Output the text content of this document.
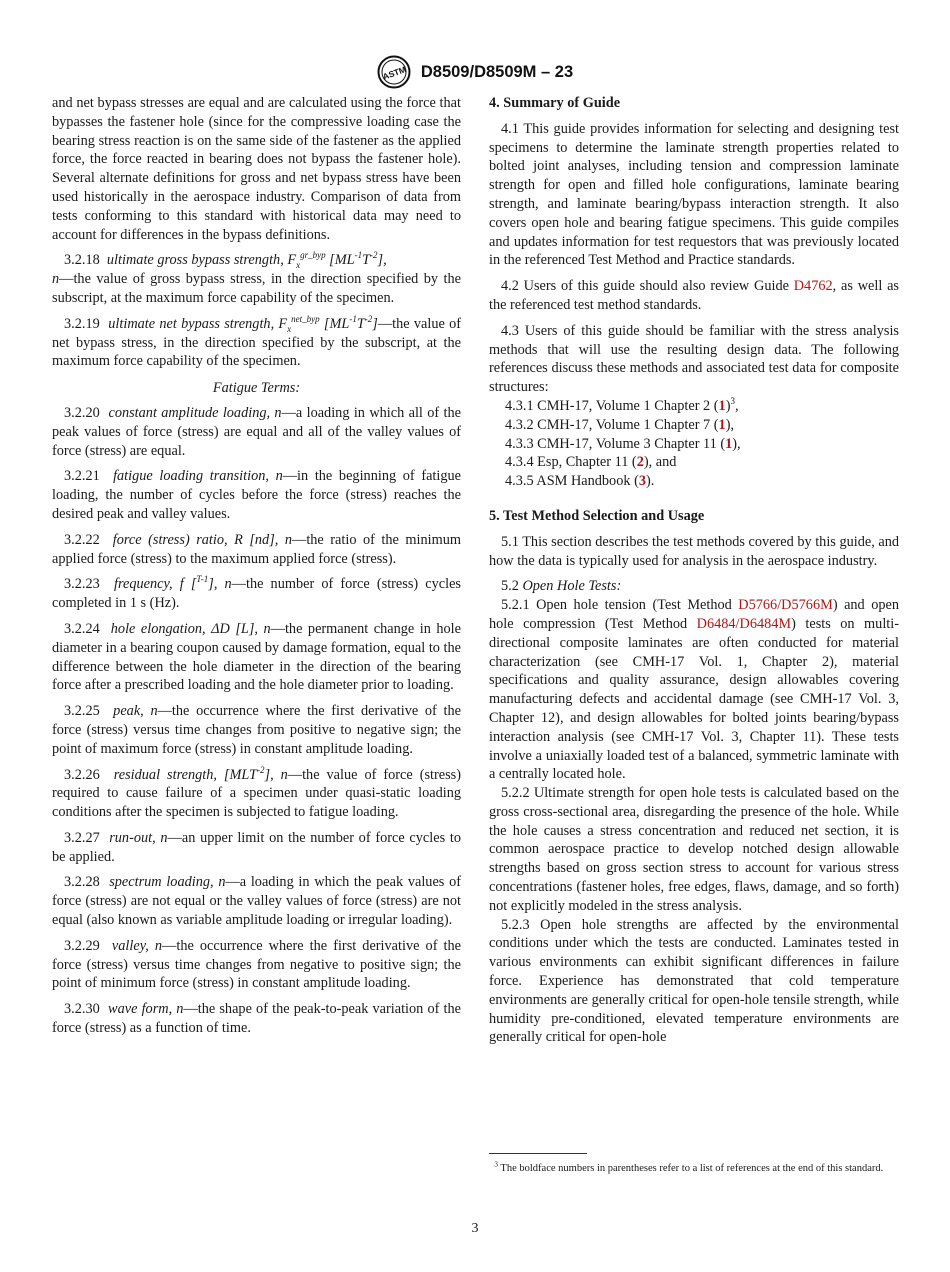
ASTM D8509/D8509M – 23

and net bypass stresses are equal and are calculated using the force that bypasses the fastener hole (since for the compressive loading case the bearing stress reaction is on the same side of the fastener as the applied force, the force reacted in bearing does not bypass the fastener hole). Several alternate definitions for gross and net bypass stress have been used historically in the aerospace industry. Comparison of data from tests conforming to this standard with historical data may need to account for differences in the bypass definitions.

3.2.18 ultimate gross bypass strength, $F_x^{gr\_byp}$ $[ML^{-1}T^{-2}]$,
n—the value of gross bypass stress, in the direction specified by the subscript, at the maximum force capability of the specimen.

3.2.19 ultimate net bypass strength, $F_x^{net\_byp}$ $[ML^{-1}T^{-2}]—the$ value of net bypass stress, in the direction specified by the subscript, at the maximum force capability of the specimen.

Fatigue Terms:

3.2.20 constant amplitude loading, n—a loading in which all of the peak values of force (stress) are equal and all of the valley values of force (stress) are equal.

3.2.21 fatigue loading transition, n—in the beginning of fatigue loading, the number of cycles before the force (stress) reaches the desired peak and valley values.

3.2.22 force (stress) ratio, R [nd], n—the ratio of the minimum applied force (stress) to the maximum applied force (stress).

3.2.23 frequency, f [$^{T-1}$], n—the number of force (stress) cycles completed in 1 s (Hz).

3.2.24 hole elongation, ΔD [L], n—the permanent change in hole diameter in a bearing coupon caused by damage formation, equal to the difference between the hole diameter in the direction of the bearing force after a prescribed loading and the hole diameter prior to loading.

3.2.25 peak, n—the occurrence where the first derivative of the force (stress) versus time changes from positive to negative sign; the point of maximum force (stress) in constant amplitude loading.

3.2.26 residual strength, $[MLT^{-2}]$, n—the value of force (stress) required to cause failure of a specimen under quasi-static loading conditions after the specimen is subjected to fatigue loading.

3.2.27 run-out, n—an upper limit on the number of force cycles to be applied.

3.2.28 spectrum loading, n—a loading in which the peak values of force (stress) are not equal or the valley values of force (stress) are not equal (also known as variable amplitude loading or irregular loading).

3.2.29 valley, n—the occurrence where the first derivative of the force (stress) versus time changes from negative to positive sign; the point of minimum force (stress) in constant amplitude loading.

3.2.30 wave form, n—the shape of the peak-to-peak variation of the force (stress) as a function of time.

4. Summary of Guide

4.1 This guide provides information for selecting and designing test specimens to determine the laminate strength properties related to bolted joint analyses, including tension and compression laminate strength for open and filled hole configurations, laminate bearing strength, and laminate bearing/bypass interaction strength. It also covers open hole and bearing fatigue specimens. This guide compiles and updates information for test requestors that was previously located in the referenced Test Method and Practice standards.

4.2 Users of this guide should also review Guide D4762, as well as the referenced test method standards.

4.3 Users of this guide should be familiar with the stress analysis methods that will use the resulting design data. The following references discuss these methods and associated test data for composite structures:

4.3.1 CMH-17, Volume 1 Chapter 2 $(1)^3$,

4.3.2 CMH-17, Volume 1 Chapter 7 (1),

4.3.3 CMH-17, Volume 3 Chapter 11 (1),

4.3.4 Esp, Chapter 11 (2), and

4.3.5 ASM Handbook (3).

5. Test Method Selection and Usage

5.1 This section describes the test methods covered by this guide, and how the data is typically used for analysis in the aerospace industry.

5.2 Open Hole Tests:

5.2.1 Open hole tension (Test Method D5766/D5766M) and open hole compression (Test Method D6484/D6484M) tests on multi-directional composite laminates are often conducted for material characterization (see CMH-17 Vol. 1, Chapter 2), material specifications and quality assurance, design allowables covering manufacturing defects and accidental damage (see CMH-17 Vol. 3, Chapter 12), and design allowables for bolted joints bearing/bypass interaction analysis (see CMH-17 Vol. 3, Chapter 11). These tests involve a uniaxially loaded test of a balanced, symmetric laminate with a centrally located hole.

5.2.2 Ultimate strength for open hole tests is calculated based on the gross cross-sectional area, disregarding the presence of the hole. While the hole causes a stress concentration and reduced net section, it is common aerospace practice to develop notched design allowable strengths based on gross section stress to account for various stress concentrations (fastener holes, free edges, flaws, damage, and so forth) not explicitly modeled in the stress analysis.

5.2.3 Open hole strengths are affected by the environmental conditions under which the tests are conducted. Laminates tested in various environments can exhibit significant differences in failure force. Experience has demonstrated that cold temperature environments are generally critical for open-hole tensile strength, while humidity pre-conditioned, elevated temperature environments are generally critical for open-hole

$^3$ The boldface numbers in parentheses refer to a list of references at the end of this standard.
3
